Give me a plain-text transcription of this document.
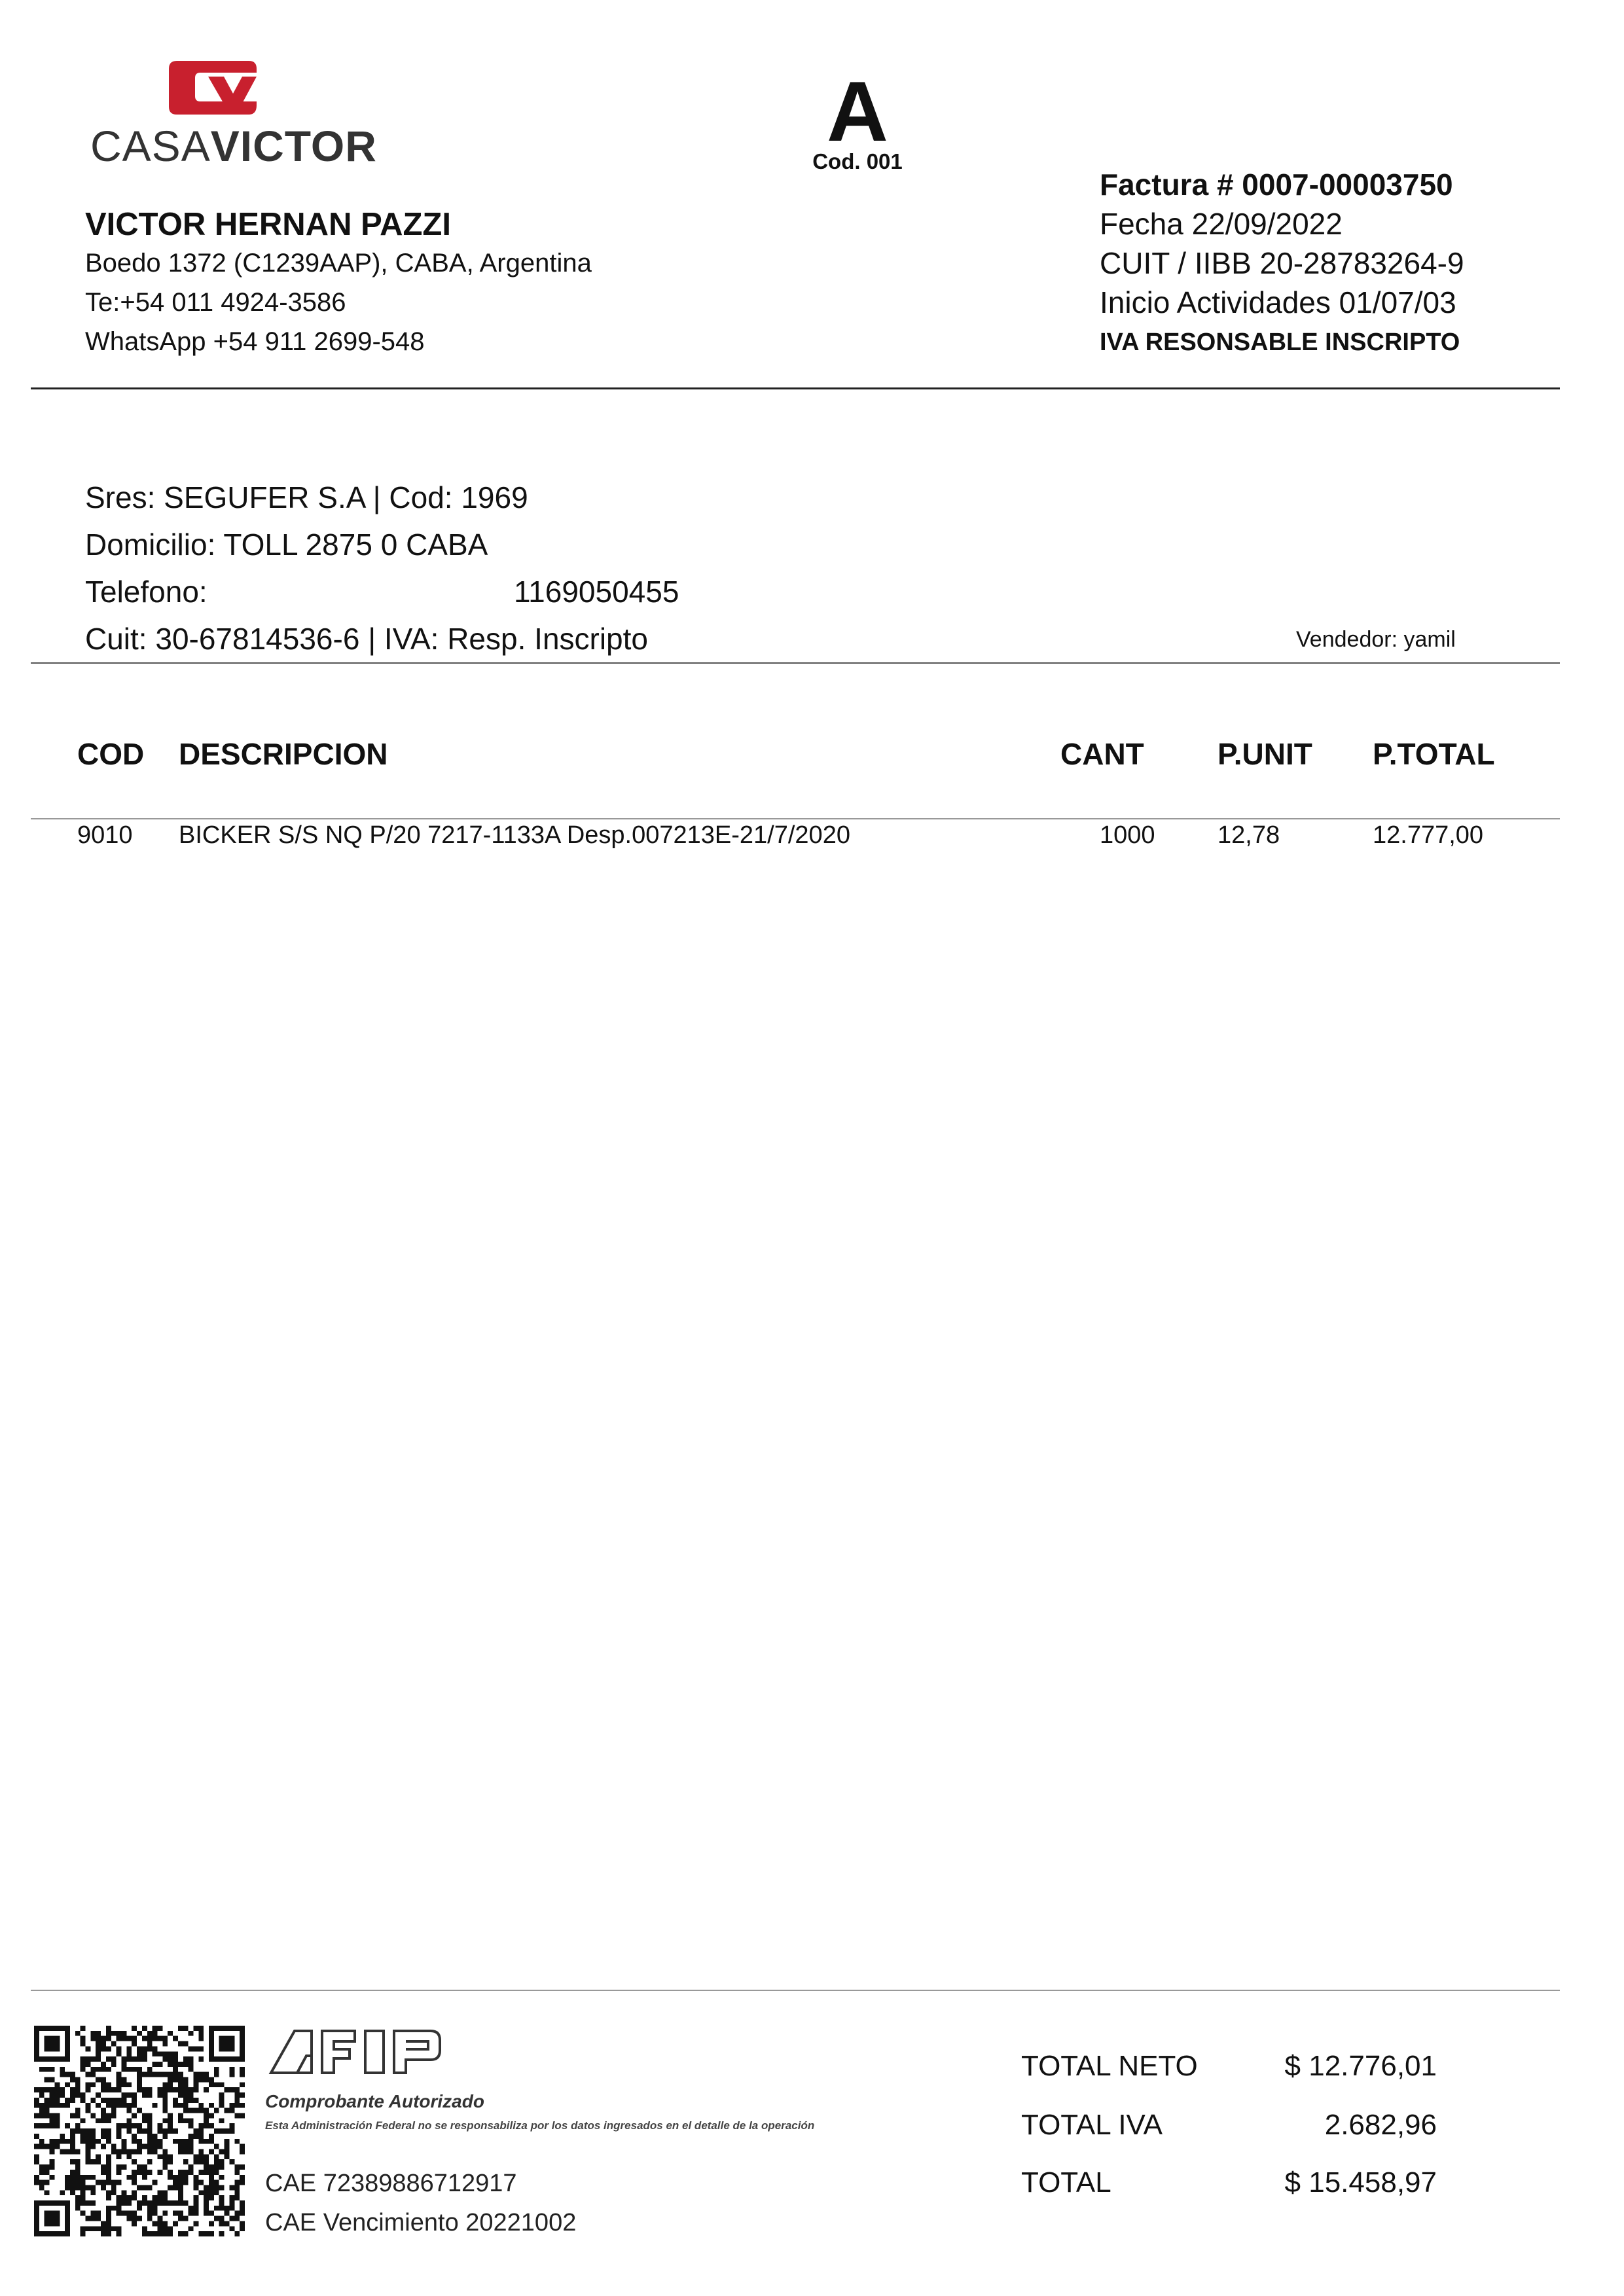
CASAVICTOR	A
Cod. 001
VICTOR HERNAN PAZZI
Boedo 1372 (C1239AAP), CABA, Argentina
Te:+54 011 4924-3586
WhatsApp +54 911 2699-548
Factura # 0007-00003750
Fecha 22/09/2022
CUIT / IIBB 20-28783264-9
Inicio Actividades 01/07/03
IVA RESONSABLE INSCRIPTO
Sres: SEGUFER S.A | Cod: 1969
Domicilio: TOLL 2875 0 CABA
Telefono:	1169050455
Cuit: 30-67814536-6 | IVA: Resp. Inscripto	Vendedor: yamil
COD DESCRIPCION	CANT P.UNIT P.TOTAL
9010 BICKER S/S NQ P/20 7217-1133A Desp.007213E-21/7/2020	1000	12,78	12.777,00
Comprobante Autorizado
Esta Administración Federal no se responsabiliza por los datos ingresados en el detalle de la operación
CAE 72389886712917
CAE Vencimiento 20221002
TOTAL NETO	$ 12.776,01
TOTAL IVA	2.682,96
TOTAL	$ 15.458,97
